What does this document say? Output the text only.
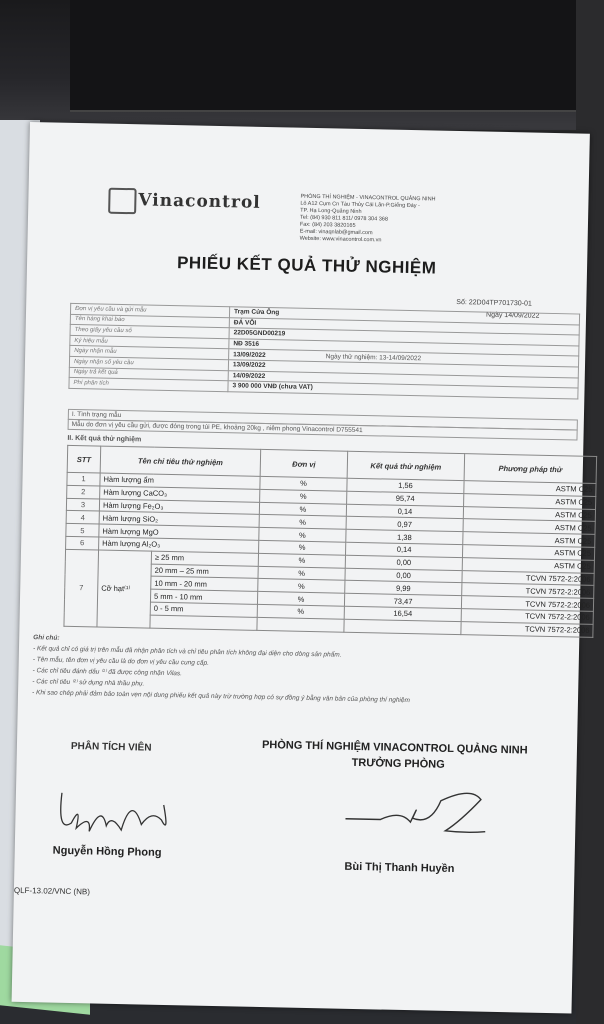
Vinacontrol	PHÒNG THÍ NGHIỆM - VINACONTROL QUẢNG NINH
Lô A12 Cụm Cn Tàu Thủy Cái Lân-P.Giếng Đáy -
TP. Hạ Long-Quảng Ninh
Tel: (84) 930 811 811/ 0978 304 368
Fax: (84) 203 3820165
E-mail: vinaqnlab@gmail.com
Website: www.vinacontrol.com.vn
PHIẾU KẾT QUẢ THỬ NGHIỆM
Số: 22D04TP701730-01
Ngày 14/09/2022
Đơn vị yêu cầu và gửi mẫu	Trạm Cửa Ông
Tên hàng khai báo	ĐÁ VÔI
Theo giấy yêu cầu số	22D05GND00219
Ký hiệu mẫu	NĐ 3516
Ngày nhận mẫu	13/09/2022 Ngày thử nghiệm: 13-14/09/2022
Ngày nhận số yêu cầu	13/09/2022
Ngày trả kết quả	14/09/2022
Phí phân tích	3 900 000 VNĐ (chưa VAT)
I. Tình trạng mẫu
Mẫu do đơn vị yêu cầu gửi, được đóng trong túi PE, khoảng 20kg , niêm phong Vinacontrol D755541
II. Kết quả thử nghiệm
STT	Tên chỉ tiêu thử nghiệm		Đơn vị	Kết quả thử nghiệm	Phương pháp thử
1	Hàm lượng ẩm		%	1,56	ASTM C25
2	Hàm lượng CaCO₃		%	95,74	ASTM C25
3	Hàm lượng Fe₂O₃		%	0,14	ASTM C25
4	Hàm lượng SiO₂		%	0,97	ASTM C25
5	Hàm lượng MgO		%	1,38	ASTM C25
6	Hàm lượng Al₂O₃		%	0,14	ASTM C25
7	Cỡ hạt⁽¹⁾	≥ 25 mm	%	0,00	ASTM C25
		20 mm – 25 mm	%	0,00	TCVN 7572-2:2006
		10 mm - 20 mm	%	9,99	TCVN 7572-2:2006
		5 mm - 10 mm	%	73,47	TCVN 7572-2:2006
		0 - 5 mm	%	16,54	TCVN 7572-2:2006
					TCVN 7572-2:2006
Ghi chú:
- Kết quả chỉ có giá trị trên mẫu đã nhận phân tích và chỉ tiêu phân tích không đại diện cho dòng sản phẩm.
- Tên mẫu, tên đơn vị yêu cầu là do đơn vị yêu cầu cung cấp.
- Các chỉ tiêu đánh dấu ⁽¹⁾ đã được công nhận Vilas.
- Các chỉ tiêu ⁽²⁾ sử dụng nhà thầu phụ.
- Khi sao chép phải đảm bảo toàn vẹn nội dung phiếu kết quả này trừ trường hợp có sự đồng ý bằng văn bản của phòng thí nghiệm
PHÂN TÍCH VIÊN	PHÒNG THÍ NGHIỆM VINACONTROL QUẢNG NINH
TRƯỞNG PHÒNG
Nguyễn Hồng Phong
Bùi Thị Thanh Huyền
QLF-13.02/VNC (NB)
